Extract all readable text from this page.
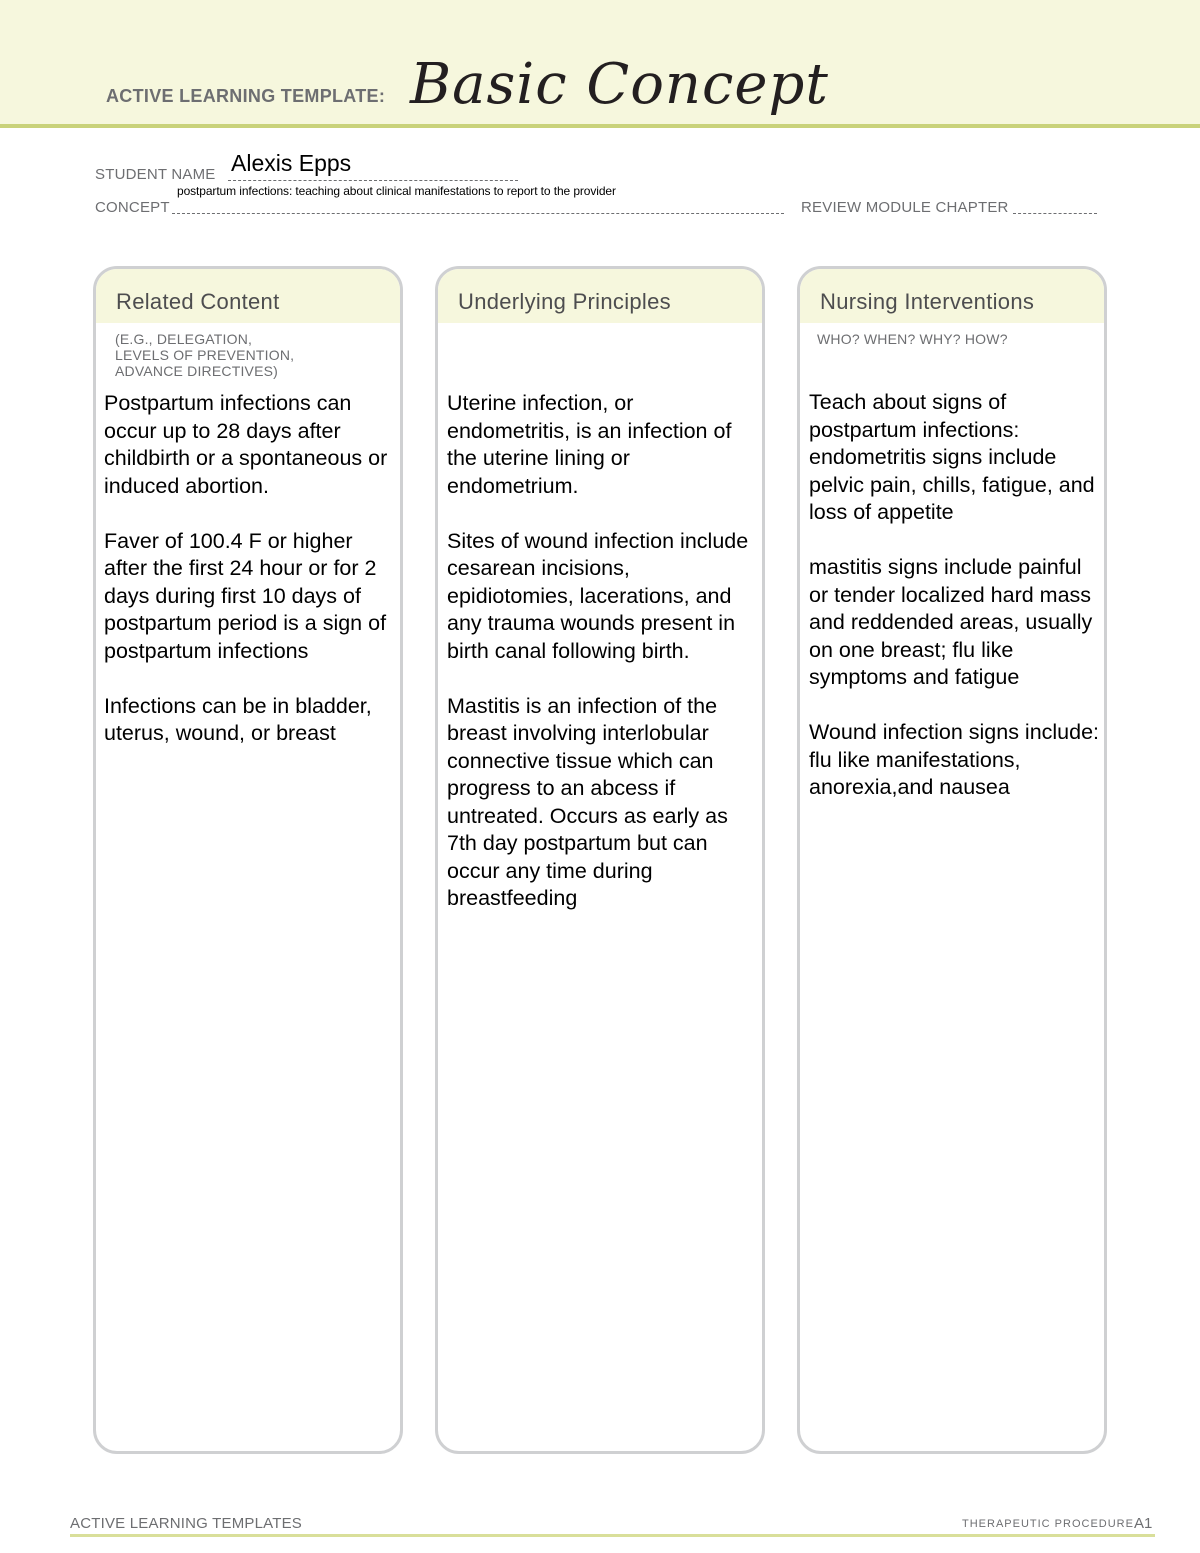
ACTIVE LEARNING TEMPLATE: Basic Concept
STUDENT NAME Alexis Epps
CONCEPT
postpartum infections: teaching about clinical manifestations to report to the provider
REVIEW MODULE CHAPTER
Related Content
(E.G., DELEGATION,
LEVELS OF PREVENTION,
ADVANCE DIRECTIVES)

Postpartum infections can occur up to 28 days after childbirth or a spontaneous or induced abortion.

Faver of 100.4 F or higher after the first 24 hour or for 2 days during first 10 days of postpartum period is a sign of postpartum infections

Infections can be in bladder, uterus, wound, or breast

Underlying Principles

Uterine infection, or endometritis, is an infection of the uterine lining or endometrium.

Sites of wound infection include cesarean incisions, epidiotomies, lacerations, and any trauma wounds present in birth canal following birth.

Mastitis is an infection of the breast involving interlobular connective tissue which can progress to an abcess if untreated. Occurs as early as 7th day postpartum but can occur any time during breastfeeding

Nursing Interventions
WHO? WHEN? WHY? HOW?

Teach about signs of postpartum infections: endometritis signs include pelvic pain, chills, fatigue, and loss of appetite

mastitis signs include painful or tender localized hard mass and reddended areas, usually on one breast; flu like symptoms and fatigue

Wound infection signs include: flu like manifestations, anorexia,and nausea

ACTIVE LEARNING TEMPLATES	THERAPEUTIC PROCEDURE A1
